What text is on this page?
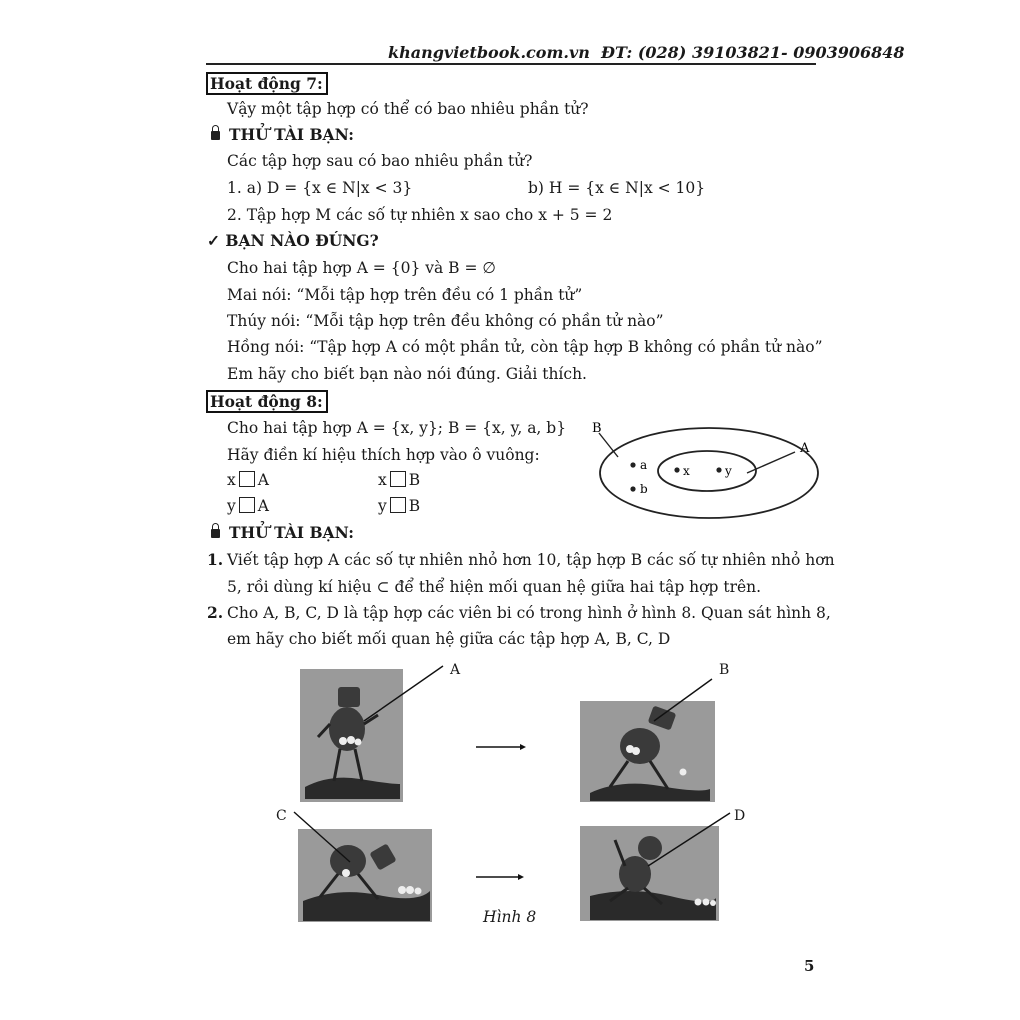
khangvietbook.com.vn ĐT: (028) 39103821- 0903906848
Hoạt động 7:
Vậy một tập hợp có thể có bao nhiêu phần tử?
THỬ TÀI BẠN:
Các tập hợp sau có bao nhiêu phần tử?
1. a) D = {x ∈ N|x < 3}	b) H = {x ∈ N|x < 10}
2. Tập hợp M các số tự nhiên x sao cho x + 5 = 2
✓ BẠN NÀO ĐÚNG?
Cho hai tập hợp A = {0} và B = ∅
Mai nói: “Mỗi tập hợp trên đều có 1 phần tử”
Thúy nói: “Mỗi tập hợp trên đều không có phần tử nào”
Hồng nói: “Tập hợp A có một phần tử, còn tập hợp B không có phần tử nào”
Em hãy cho biết bạn nào nói đúng. Giải thích.
Hoạt động 8:
Cho hai tập hợp A = {x, y}; B = {x, y, a, b}
Hãy điền kí hiệu thích hợp vào ô vuông:
x A	x B
y A	y B
B
A
a
b
x	y
THỬ TÀI BẠN:
1. Viết tập hợp A các số tự nhiên nhỏ hơn 10, tập hợp B các số tự nhiên nhỏ hơn
5, rồi dùng kí hiệu ⊂ để thể hiện mối quan hệ giữa hai tập hợp trên.
2. Cho A, B, C, D là tập hợp các viên bi có trong hình ở hình 8. Quan sát hình 8,
em hãy cho biết mối quan hệ giữa các tập hợp A, B, C, D
A	B
C	D
Hình 8
5
